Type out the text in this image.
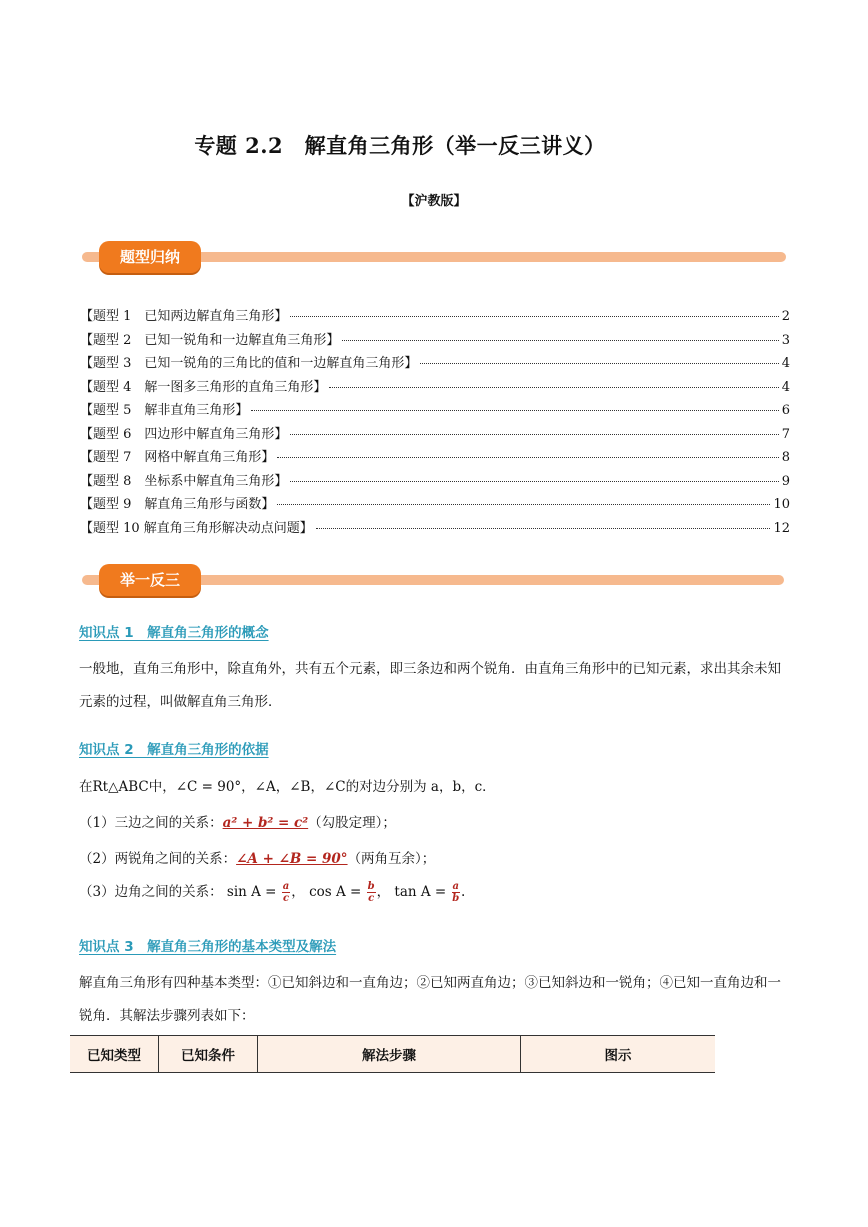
专题 2.2　解直角三角形（举一反三讲义）
【沪教版】
题型归纳
【题型 1　已知两边解直角三角形】	2
【题型 2　已知一锐角和一边解直角三角形】	3
【题型 3　已知一锐角的三角比的值和一边解直角三角形】	4
【题型 4　解一图多三角形的直角三角形】	4
【题型 5　解非直角三角形】	6
【题型 6　四边形中解直角三角形】	7
【题型 7　网格中解直角三角形】	8
【题型 8　坐标系中解直角三角形】	9
【题型 9　解直角三角形与函数】	10
【题型 10 解直角三角形解决动点问题】	12
举一反三
知识点 1　解直角三角形的概念
一般地，直角三角形中，除直角外，共有五个元素，即三条边和两个锐角．由直角三角形中的已知元素，求出其余未知元素的过程，叫做解直角三角形．
知识点 2　解直角三角形的依据
在Rt△ABC中，∠C = 90°，∠A，∠B，∠C的对边分别为 a，b，c．
（1）三边之间的关系：a² + b² = c²（勾股定理）；
（2）两锐角之间的关系：∠A + ∠B = 90°（两角互余）；
（3）边角之间的关系： $\sin A = \frac{a}{c}$ ， $\cos A = \frac{b}{c}$ ， $\tan A = \frac{a}{b}$ .
知识点 3　解直角三角形的基本类型及解法
解直角三角形有四种基本类型：①已知斜边和一直角边；②已知两直角边；③已知斜边和一锐角；④已知一直角边和一锐角．其解法步骤列表如下：
已知类型	已知条件	解法步骤	图示
